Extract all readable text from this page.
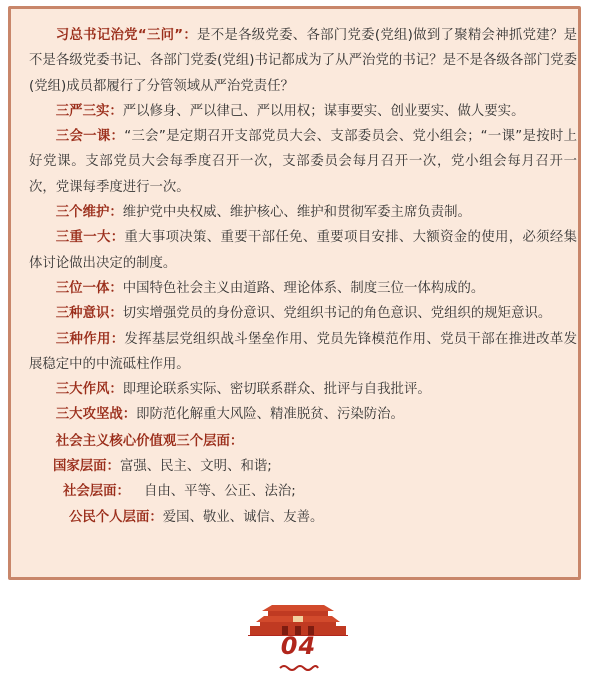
习总书记治党“三问”：是不是各级党委、各部门党委(党组)做到了聚精会神抓党建？是不是各级党委书记、各部门党委(党组)书记都成为了从严治党的书记？是不是各级各部门党委(党组)成员都履行了分管领域从严治党责任？

三严三实：严以修身、严以律己、严以用权；谋事要实、创业要实、做人要实。

三会一课：“三会”是定期召开支部党员大会、支部委员会、党小组会；“一课”是按时上好党课。支部党员大会每季度召开一次，支部委员会每月召开一次，党小组会每月召开一次，党课每季度进行一次。

三个维护：维护党中央权威、维护核心、维护和贯彻军委主席负责制。

三重一大：重大事项决策、重要干部任免、重要项目安排、大额资金的使用，必须经集体讨论做出决定的制度。

三位一体：中国特色社会主义由道路、理论体系、制度三位一体构成的。

三种意识：切实增强党员的身份意识、党组织书记的角色意识、党组织的规矩意识。

三种作用：发挥基层党组织战斗堡垒作用、党员先锋模范作用、党员干部在推进改革发展稳定中的中流砥柱作用。

三大作风：即理论联系实际、密切联系群众、批评与自我批评。

三大攻坚战：即防范化解重大风险、精准脱贫、污染防治。

社会主义核心价值观三个层面：

国家层面：富强、民主、文明、和谐;

社会层面： 自由、平等、公正、法治;

公民个人层面：爱国、敬业、诚信、友善。

04
